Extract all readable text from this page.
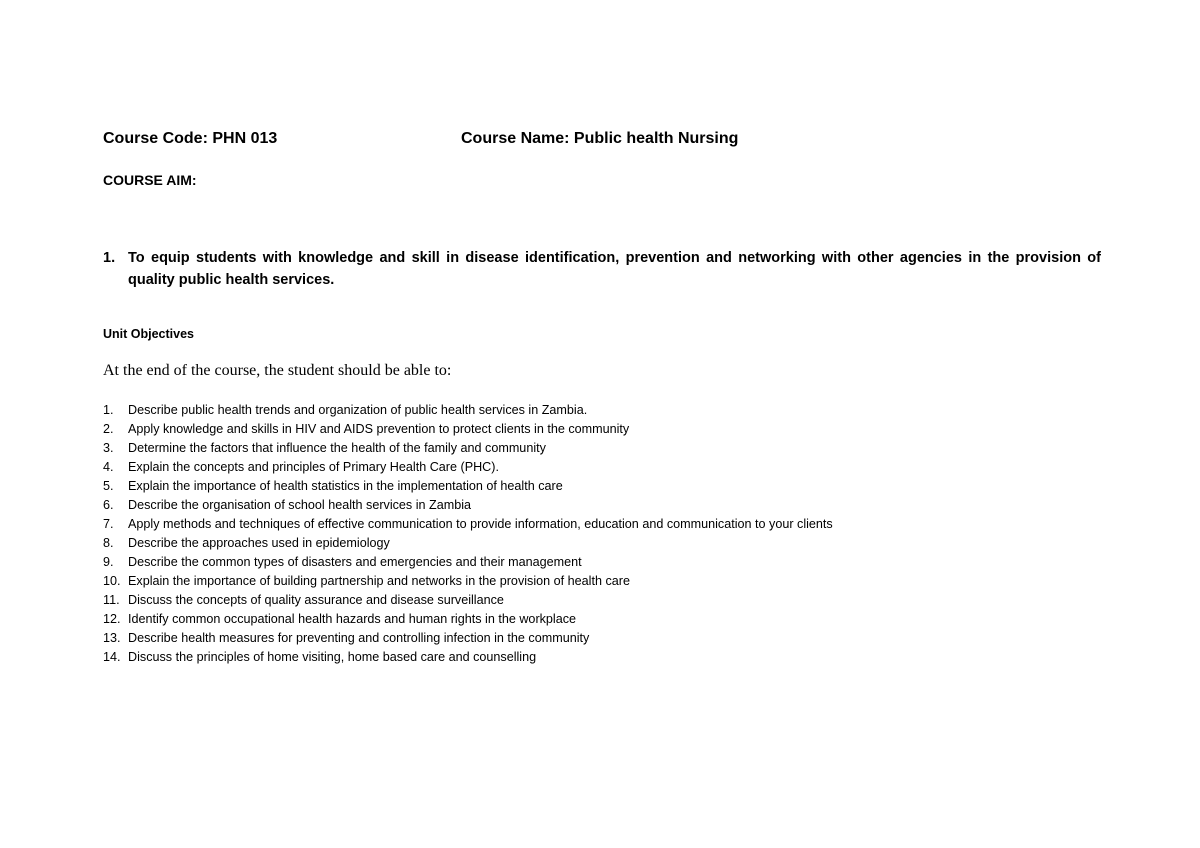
Course Code: PHN 013	Course Name: Public health Nursing
COURSE AIM:
1. To equip students with knowledge and skill in disease identification, prevention and networking with other agencies in the provision of quality public health services.
Unit Objectives
At the end of the course, the student should be able to:
1.	Describe public health trends and organization of public health services in Zambia.
2.	Apply knowledge and skills in HIV and AIDS prevention to protect clients in the community
3.	Determine the factors that influence the health of the family and community
4.	Explain the concepts and principles of Primary Health Care (PHC).
5.	Explain the importance of health statistics in the implementation of health care
6.	Describe the organisation of school health services in Zambia
7.	Apply methods and techniques of effective communication to provide information, education and communication to your clients
8.	Describe the approaches used in epidemiology
9.	Describe the common types of disasters and emergencies and their management
10. Explain the importance of building partnership and networks in the provision of health care
11. Discuss the concepts of quality assurance and disease surveillance
12. Identify common occupational health hazards and human rights in the workplace
13. Describe health measures for preventing and controlling infection in the community
14. Discuss the principles of home visiting, home based care and counselling
